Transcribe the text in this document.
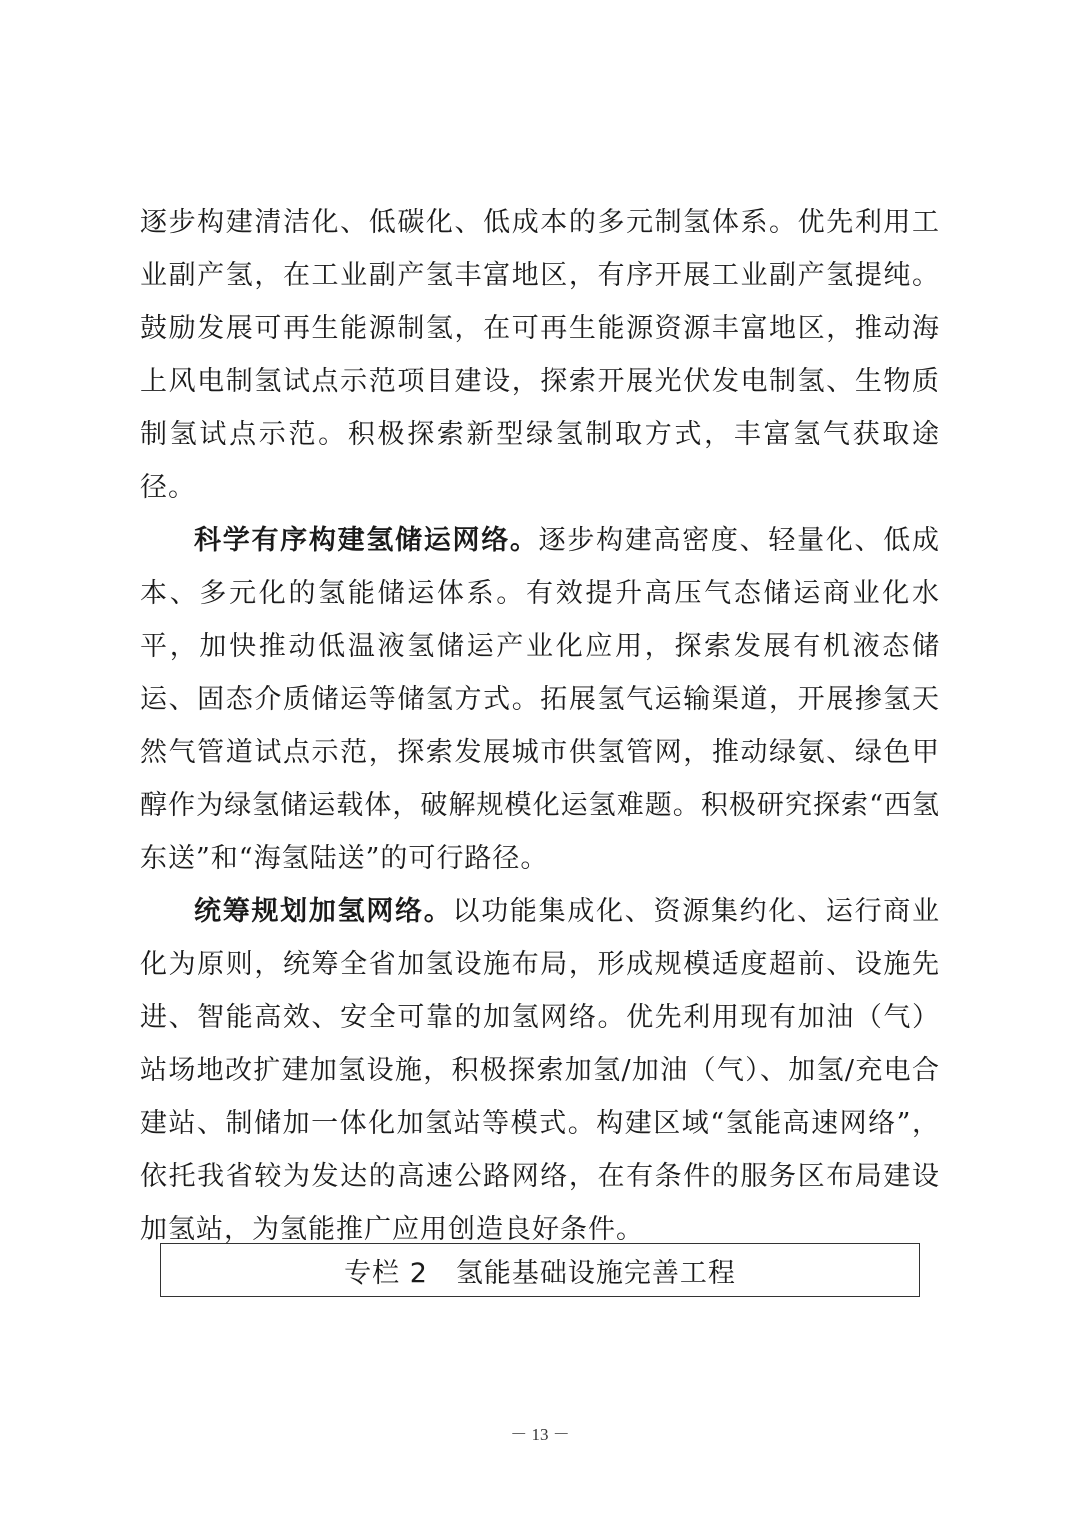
逐步构建清洁化、低碳化、低成本的多元制氢体系。优先利用工业副产氢，在工业副产氢丰富地区，有序开展工业副产氢提纯。鼓励发展可再生能源制氢，在可再生能源资源丰富地区，推动海上风电制氢试点示范项目建设，探索开展光伏发电制氢、生物质制氢试点示范。积极探索新型绿氢制取方式，丰富氢气获取途径。

科学有序构建氢储运网络。逐步构建高密度、轻量化、低成本、多元化的氢能储运体系。有效提升高压气态储运商业化水平，加快推动低温液氢储运产业化应用，探索发展有机液态储运、固态介质储运等储氢方式。拓展氢气运输渠道，开展掺氢天然气管道试点示范，探索发展城市供氢管网，推动绿氨、绿色甲醇作为绿氢储运载体，破解规模化运氢难题。积极研究探索“西氢东送”和“海氢陆送”的可行路径。

统筹规划加氢网络。以功能集成化、资源集约化、运行商业化为原则，统筹全省加氢设施布局，形成规模适度超前、设施先进、智能高效、安全可靠的加氢网络。优先利用现有加油（气）站场地改扩建加氢设施，积极探索加氢/加油（气）、加氢/充电合建站、制储加一体化加氢站等模式。构建区域“氢能高速网络”，依托我省较为发达的高速公路网络，在有条件的服务区布局建设加氢站，为氢能推广应用创造良好条件。

专栏 2　氢能基础设施完善工程
－ 13 －
